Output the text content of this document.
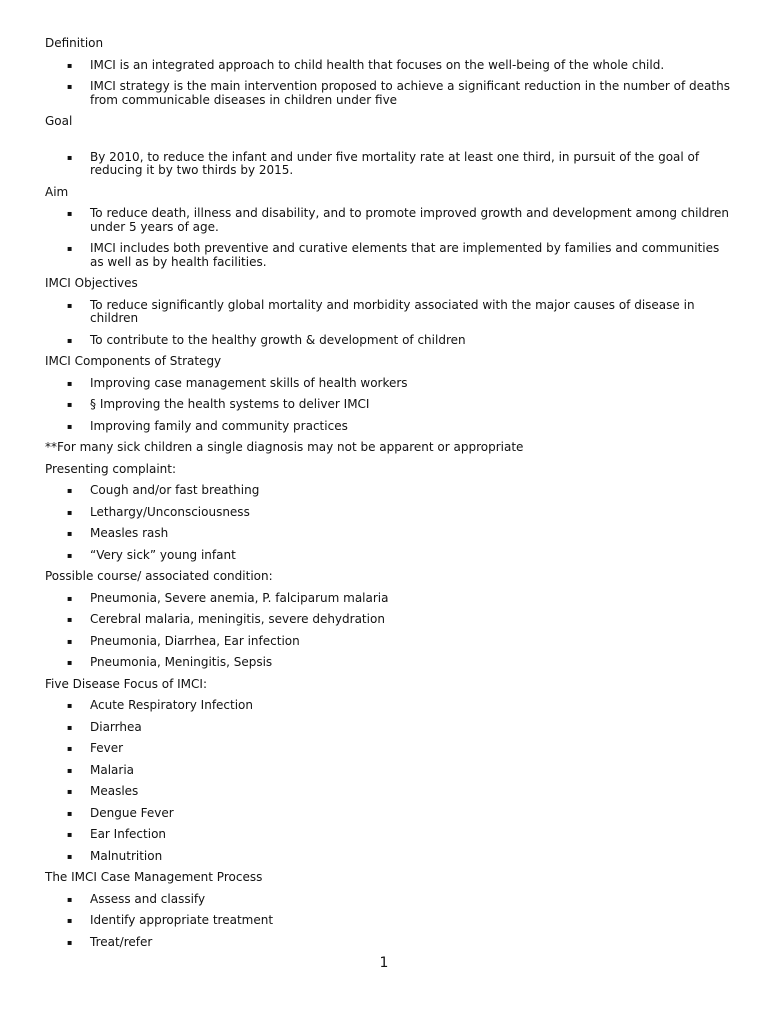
Definition
▪ IMCI is an integrated approach to child health that focuses on the well-being of the whole child.
▪ IMCI strategy is the main intervention proposed to achieve a significant reduction in the number of deaths from communicable diseases in children under five
Goal
▪ By 2010, to reduce the infant and under five mortality rate at least one third, in pursuit of the goal of reducing it by two thirds by 2015.
Aim
▪ To reduce death, illness and disability, and to promote improved growth and development among children under 5 years of age.
▪ IMCI includes both preventive and curative elements that are implemented by families and communities as well as by health facilities.
IMCI Objectives
▪ To reduce significantly global mortality and morbidity associated with the major causes of disease in children
▪ To contribute to the healthy growth & development of children
IMCI Components of Strategy
▪ Improving case management skills of health workers
▪ § Improving the health systems to deliver IMCI
▪ Improving family and community practices
**For many sick children a single diagnosis may not be apparent or appropriate
Presenting complaint:
▪ Cough and/or fast breathing
▪ Lethargy/Unconsciousness
▪ Measles rash
▪ “Very sick” young infant
Possible course/ associated condition:
▪ Pneumonia, Severe anemia, P. falciparum malaria
▪ Cerebral malaria, meningitis, severe dehydration
▪ Pneumonia, Diarrhea, Ear infection
▪ Pneumonia, Meningitis, Sepsis
Five Disease Focus of IMCI:
▪ Acute Respiratory Infection
▪ Diarrhea
▪ Fever
▪ Malaria
▪ Measles
▪ Dengue Fever
▪ Ear Infection
▪ Malnutrition
The IMCI Case Management Process
▪ Assess and classify
▪ Identify appropriate treatment
▪ Treat/refer
1
